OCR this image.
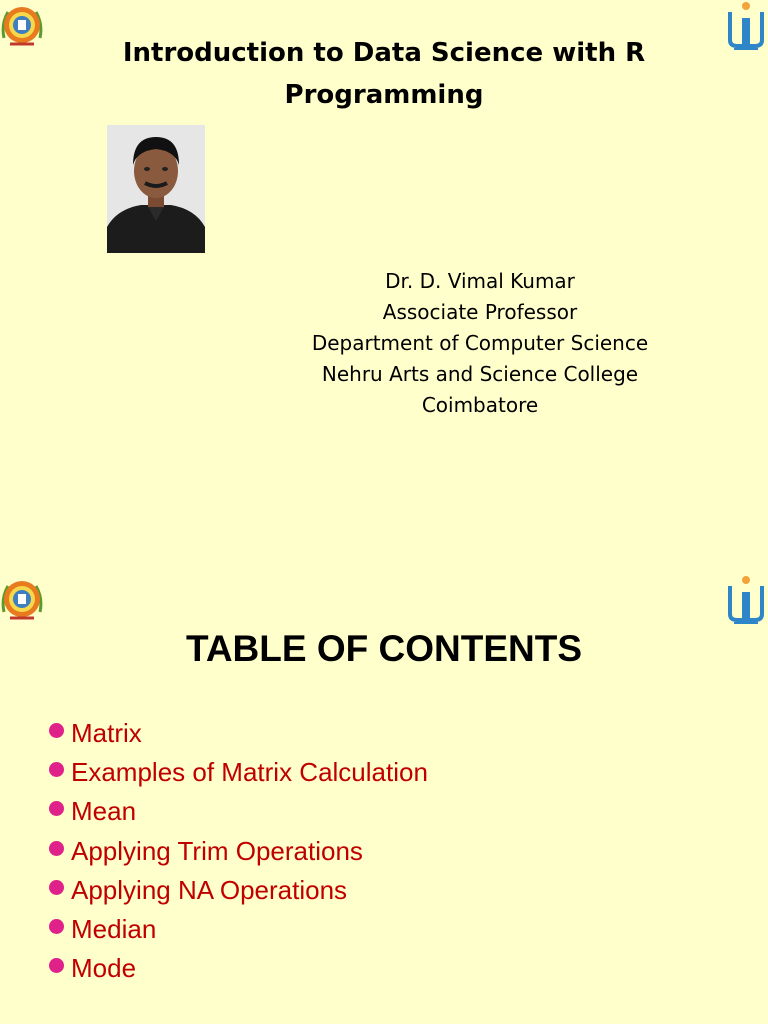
Introduction to Data Science with R
Programming
Dr. D. Vimal Kumar
Associate Professor
Department of Computer Science
Nehru Arts and Science College
Coimbatore
TABLE OF CONTENTS
Matrix
Examples of Matrix Calculation
Mean
Applying Trim Operations
Applying NA Operations
Median
Mode
